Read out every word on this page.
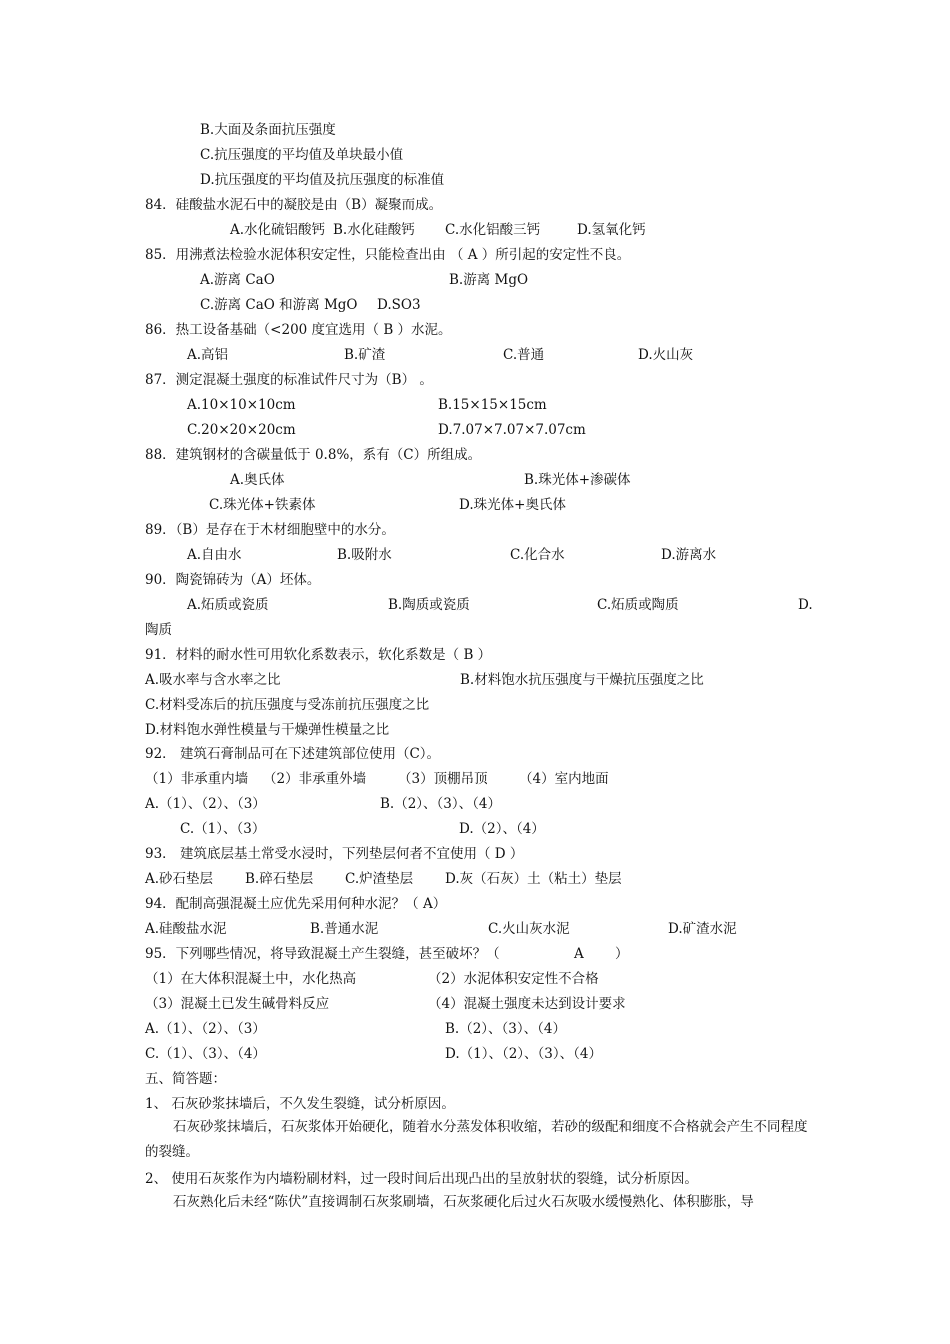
B.大面及条面抗压强度
C.抗压强度的平均值及单块最小值
D.抗压强度的平均值及抗压强度的标准值
84．硅酸盐水泥石中的凝胶是由（B）凝聚而成。
A.水化硫铝酸钙 B.水化硅酸钙 C.水化铝酸三钙	D.氢氧化钙
85．用沸煮法检验水泥体积安定性，只能检查出由 （ A ）所引起的安定性不良。
A.游离 CaO	B.游离 MgO
C.游离 CaO 和游离 MgO D.SO3
86．热工设备基础（<200 度宜选用（ B ）水泥。
A.高铝	B.矿渣	C.普通	D.火山灰
87．测定混凝土强度的标准试件尺寸为（B） 。
A.10×10×10cm	B.15×15×15cm
C.20×20×20cm	D.7.07×7.07×7.07cm
88．建筑钢材的含碳量低于 0.8%，系有（C）所组成。
A.奥氏体	B.珠光体+渗碳体
C.珠光体+铁素体	D.珠光体+奥氏体
89．（B）是存在于木材细胞壁中的水分。
A.自由水	B.吸附水	C.化合水	D.游离水
90．陶瓷锦砖为（A）坯体。
A.炻质或瓷质	B.陶质或瓷质	C.炻质或陶质	D.
陶质
91．材料的耐水性可用软化系数表示，软化系数是（ B ）
A.吸水率与含水率之比	B.材料饱水抗压强度与干燥抗压强度之比
C.材料受冻后的抗压强度与受冻前抗压强度之比
D.材料饱水弹性模量与干燥弹性模量之比
92． 建筑石膏制品可在下述建筑部位使用（C）。
（1）非承重内墙 （2）非承重外墙 （3）顶棚吊顶 （4）室内地面
A.（1）、（2）、（3）	B.（2）、（3）、（4）
C.（1）、（3）	D.（2）、（4）
93． 建筑底层基土常受水浸时，下列垫层何者不宜使用（ D ）
A.砂石垫层 B.碎石垫层 C.炉渣垫层 D.灰（石灰）土（粘土）垫层
94．配制高强混凝土应优先采用何种水泥？（ A）
A.硅酸盐水泥	B.普通水泥	C.火山灰水泥	D.矿渣水泥
95．下列哪些情况，将导致混凝土产生裂缝，甚至破坏？（	A ）
（1）在大体积混凝土中，水化热高	（2）水泥体积安定性不合格
（3）混凝土已发生碱骨料反应	（4）混凝土强度未达到设计要求
A.（1）、（2）、（3）	B.（2）、（3）、（4）
C.（1）、（3）、（4）	D.（1）、（2）、（3）、（4）
五、简答题：
1、 石灰砂浆抹墙后，不久发生裂缝，试分析原因。
石灰砂浆抹墙后，石灰浆体开始硬化，随着水分蒸发体积收缩，若砂的级配和细度不合格就会产生不同程度的裂缝。
2、 使用石灰浆作为内墙粉刷材料，过一段时间后出现凸出的呈放射状的裂缝，试分析原因。
石灰熟化后未经“陈伏”直接调制石灰浆刷墙，石灰浆硬化后过火石灰吸水缓慢熟化、体积膨胀，导
